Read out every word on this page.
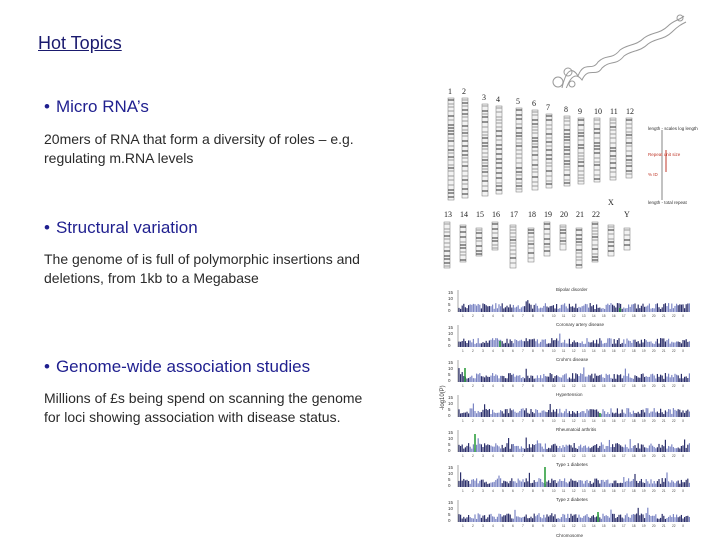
Hot Topics

• Micro RNA’s

20mers of RNA that form a diversity of roles – e.g. regulating m.RNA levels

• Structural variation

The genome of is full of polymorphic insertions and deletions, from 1kb to a Megabase

• Genome-wide association studies

Millions of £s being spend on scanning the genome for loci showing association with disease status.

1 2
3 4 5 6 7 8 9 10 11 12
13 14 15 16 17 18 19 20 21 22
X
Y
length - scales log length
Repeat unit size
% ID
length - total repeat
-log10(P)
Bipolar disorder
15
10
5
0
1	2	3	4	5	6	7	8	9	10 11 12 13 14 15 16 17 18 19 20 21 22 X
Coronary artery disease
15
10
5
0
1	2	3	4	5	6	7	8	9	10 11 12 13 14 15 16 17 18 19 20 21 22 X
Crohn's disease
15
10
5
0
1	2	3	4	5	6	7	8	9	10 11 12 13 14 15 16 17 18 19 20 21 22 X
Hypertension
15
10
5
0
1	2	3	4	5	6	7	8	9	10 11 12 13 14 15 16 17 18 19 20 21 22 X
Rheumatoid arthritis
15
10
5
0
1	2	3	4	5	6	7	8	9	10 11 12 13 14 15 16 17 18 19 20 21 22 X
Type 1 diabetes
15
10
5
0
1	2	3	4	5	6	7	8	9	10 11 12 13 14 15 16 17 18 19 20 21 22 X
Type 2 diabetes
15
10
5
0
1	2	3	4	5	6	7	8	9	10 11 12 13 14 15 16 17 18 19 20 21 22 X
Chromosome
